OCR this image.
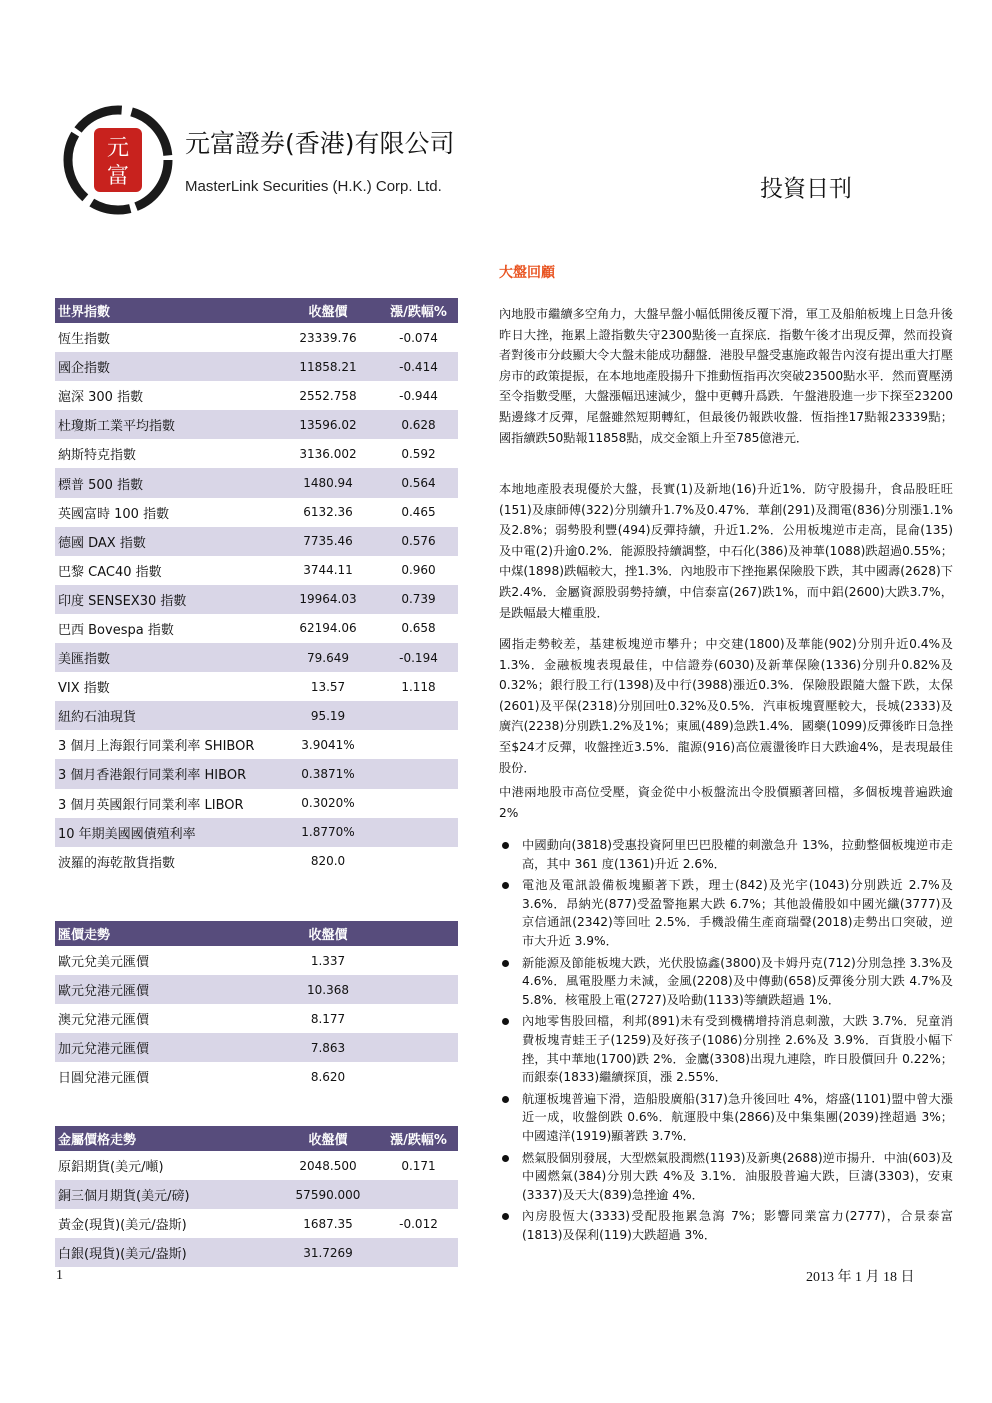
元
富
元富證券(香港)有限公司
MasterLink Securities (H.K.) Corp. Ltd.	投資日刊
世界指數	收盤價	漲/跌幅%
恆生指數	23339.76	-0.074
國企指數	11858.21	-0.414
滬深 300 指數	2552.758	-0.944
杜瓊斯工業平均指數	13596.02	0.628
納斯特克指數	3136.002	0.592
標普 500 指數	1480.94	0.564
英國富時 100 指數	6132.36	0.465
德國 DAX 指數	7735.46	0.576
巴黎 CAC40 指數	3744.11	0.960
印度 SENSEX30 指數	19964.03	0.739
巴西 Bovespa 指數	62194.06	0.658
美匯指數	79.649	-0.194
VIX 指數	13.57	1.118
紐約石油現貨	95.19
3 個月上海銀行同業利率 SHIBOR	3.9041%
3 個月香港銀行同業利率 HIBOR	0.3871%
3 個月英國銀行同業利率 LIBOR	0.3020%
10 年期美國國債殖利率	1.8770%
波羅的海乾散貨指數	820.0
匯價走勢	收盤價
歐元兌美元匯價	1.337
歐元兌港元匯價	10.368
澳元兌港元匯價	8.177
加元兌港元匯價	7.863
日圓兌港元匯價	8.620
金屬價格走勢	收盤價	漲/跌幅%
原鋁期貨(美元/噸)	2048.500	0.171
銅三個月期貨(美元/磅)	57590.000
黃金(現貨)(美元/盎斯)	1687.35	-0.012
白銀(現貨)(美元/盎斯)	31.7269
大盤回顧
內地股市繼續多空角力，大盤早盤小幅低開後反覆下滑，軍工及船舶板塊上日急升後昨日大挫，拖累上證指數失守2300點後一直探底．指數午後才出現反彈，然而投資者對後市分歧顯大令大盤未能成功翻盤．港股早盤受惠施政報告內沒有提出重大打壓房市的政策提振，在本地地產股揚升下推動恆指再次突破23500點水平．然而賣壓湧至令指數受壓，大盤漲幅迅速減少，盤中更轉升爲跌．午盤港股進一步下探至23200點邊緣才反彈，尾盤雖然短期轉紅，但最後仍報跌收盤．恆指挫17點報23339點；國指續跌50點報11858點，成交金額上升至785億港元．
本地地產股表現優於大盤，長實(1)及新地(16)升近1%．防守股揚升，食品股旺旺(151)及康師傅(322)分別續升1.7%及0.47%．華創(291)及潤電(836)分別漲1.1%及2.8%；弱勢股利豐(494)反彈持續，升近1.2%．公用板塊逆市走高，昆侖(135)及中電(2)升逾0.2%．能源股持續調整，中石化(386)及神華(1088)跌超過0.55%；中煤(1898)跌幅較大，挫1.3%．內地股市下挫拖累保險股下跌，其中國壽(2628)下跌2.4%．金屬資源股弱勢持續，中信泰富(267)跌1%，而中鋁(2600)大跌3.7%，是跌幅最大權重股．
國指走勢較差，基建板塊逆市攀升；中交建(1800)及華能(902)分別升近0.4%及1.3%．金融板塊表現最佳，中信證券(6030)及新華保險(1336)分別升0.82%及0.32%；銀行股工行(1398)及中行(3988)漲近0.3%．保險股跟隨大盤下跌，太保(2601)及平保(2318)分別回吐0.32%及0.5%．汽車板塊賣壓較大，長城(2333)及廣汽(2238)分別跌1.2%及1%；東風(489)急跌1.4%．國藥(1099)反彈後昨日急挫至$24才反彈，收盤挫近3.5%．龍源(916)高位震盪後昨日大跌逾4%，是表現最佳股份．
中港兩地股市高位受壓，資金從中小板盤流出令股價顯著回檔，多個板塊普遍跌逾 2%
中國動向(3818)受惠投資阿里巴巴股權的刺激急升 13%，拉動整個板塊逆市走高，其中 361 度(1361)升近 2.6%．
電池及電訊設備板塊顯著下跌，理士(842)及光宇(1043)分別跌近 2.7%及 3.6%．昂納光(877)受盈警拖累大跌 6.7%；其他設備股如中國光纖(3777)及京信通訊(2342)等回吐 2.5%．手機設備生產商瑞聲(2018)走勢出口突破，逆市大升近 3.9%．
新能源及節能板塊大跌，光伏股協鑫(3800)及卡姆丹克(712)分別急挫 3.3%及 4.6%．風電股壓力未減，金風(2208)及中傳動(658)反彈後分別大跌 4.7%及 5.8%．核電股上電(2727)及哈動(1133)等續跌超過 1%．
內地零售股回檔，利邦(891)未有受到機構增持消息刺激，大跌 3.7%．兒童消費板塊青蛙王子(1259)及好孩子(1086)分別挫 2.6%及 3.9%．百貨股小幅下挫，其中華地(1700)跌 2%．金鷹(3308)出現九連陰，昨日股價回升 0.22%；而銀泰(1833)繼續探頂，漲 2.55%．
航運板塊普遍下滑，造船股廣船(317)急升後回吐 4%，熔盛(1101)盟中曾大漲近一成，收盤倒跌 0.6%．航運股中集(2866)及中集集團(2039)挫超過 3%；中國遠洋(1919)顯著跌 3.7%．
燃氣股個別發展，大型燃氣股潤燃(1193)及新奧(2688)逆市揚升．中油(603)及中國燃氣(384)分別大跌 4%及 3.1%．油服股普遍大跌，巨濤(3303)，安東(3337)及天大(839)急挫逾 4%．
內房股恆大(3333)受配股拖累急瀉 7%；影響同業富力(2777)，合景泰富(1813)及保利(119)大跌超過 3%．
1	2013 年 1 月 18 日
